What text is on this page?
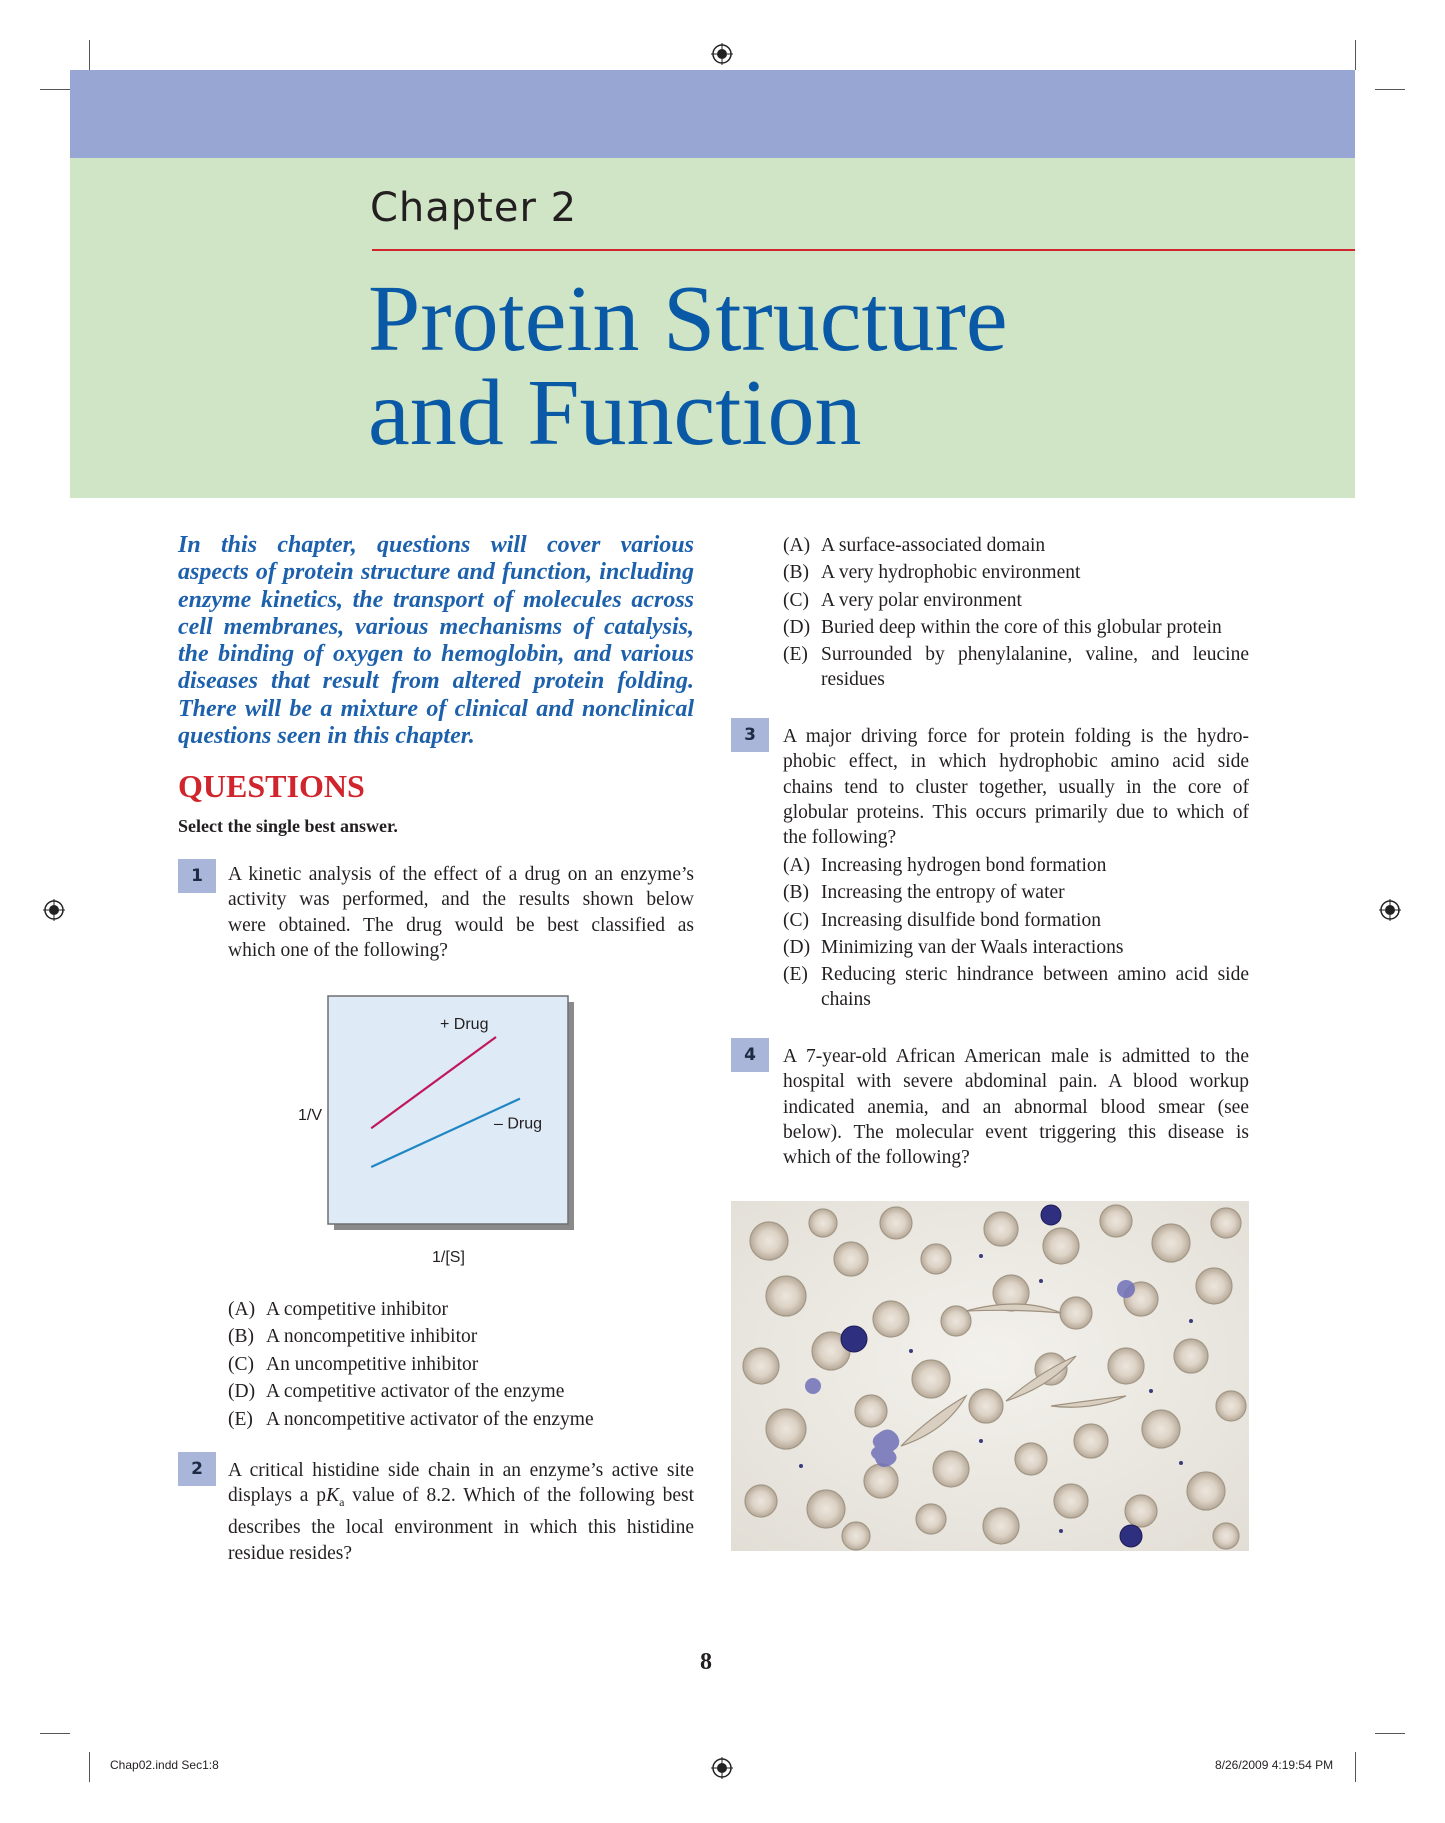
Chapter 2
Protein Structure
and Function
In this chapter, questions will cover various
aspects of protein structure and function, including
enzyme kinetics, the transport of molecules across
cell membranes, various mechanisms of catalysis,
the binding of oxygen to hemoglobin, and various
diseases that result from altered protein folding.
There will be a mixture of clinical and nonclinical
questions seen in this chapter.
QUESTIONS
Select the single best answer.
1	A kinetic analysis of the effect of a drug on an enzyme’s
activity was performed, and the results shown below
were obtained. The drug would be best classified as
which one of the following?
+ Drug
– Drug
1/V
1/[S]
(A) A competitive inhibitor
(B) A noncompetitive inhibitor
(C) An uncompetitive inhibitor
(D) A competitive activator of the enzyme
(E) A noncompetitive activator of the enzyme
2	A critical histidine side chain in an enzyme’s active site
displays a $pK_a$ value of 8.2. Which of the following best
describes the local environment in which this histidine
residue resides?
(A) A surface-associated domain
(B) A very hydrophobic environment
(C) A very polar environment
(D) Buried deep within the core of this globular protein
(E) Surrounded by phenylalanine, valine, and leucine residues
3	A major driving force for protein folding is the hydro-
phobic effect, in which hydrophobic amino acid side
chains tend to cluster together, usually in the core of
globular proteins. This occurs primarily due to which of
the following?
(A) Increasing hydrogen bond formation
(B) Increasing the entropy of water
(C) Increasing disulfide bond formation
(D) Minimizing van der Waals interactions
(E) Reducing steric hindrance between amino acid side chains
4	A 7-year-old African American male is admitted to the
hospital with severe abdominal pain. A blood workup
indicated anemia, and an abnormal blood smear (see
below). The molecular event triggering this disease is
which of the following?
8
Chap02.indd Sec1:8	8/26/2009 4:19:54 PM
